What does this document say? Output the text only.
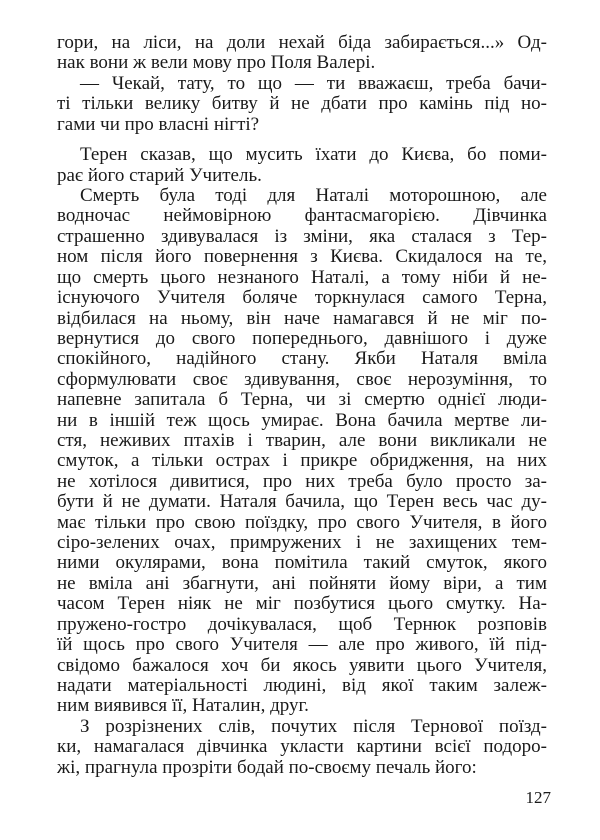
гори, на ліси, на доли нехай біда забирається...» Од-
нак вони ж вели мову про Поля Валері.
— Чекай, тату, то що — ти вважаєш, треба бачи-
ті тільки велику битву й не дбати про камінь під но-
гами чи про власні нігті?
Терен сказав, що мусить їхати до Києва, бо поми-
рає його старий Учитель.
Смерть була тоді для Наталі моторошною, але
водночас неймовірною фантасмагорією. Дівчинка
страшенно здивувалася із зміни, яка сталася з Тер-
ном після його повернення з Києва. Скидалося на те,
що смерть цього незнаного Наталі, а тому ніби й не-
існуючого Учителя боляче торкнулася самого Терна,
відбилася на ньому, він наче намагався й не міг по-
вернутися до свого попереднього, давнішого і дуже
спокійного, надійного стану. Якби Наталя вміла
сформулювати своє здивування, своє нерозуміння, то
напевне запитала б Терна, чи зі смертю однієї люди-
ни в іншій теж щось умирає. Вона бачила мертве ли-
стя, неживих птахів і тварин, але вони викликали не
смуток, а тільки острах і прикре обридження, на них
не хотілося дивитися, про них треба було просто за-
бути й не думати. Наталя бачила, що Терен весь час ду-
має тільки про свою поїздку, про свого Учителя, в його
сіро-зелених очах, примружених і не захищених тем-
ними окулярами, вона помітила такий смуток, якого
не вміла ані збагнути, ані пойняти йому віри, а тим
часом Терен ніяк не міг позбутися цього смутку. На-
пружено-гостро дочікувалася, щоб Тернюк розповів
їй щось про свого Учителя — але про живого, їй під-
свідомо бажалося хоч би якось уявити цього Учителя,
надати матеріальності людині, від якої таким залеж-
ним виявився її, Наталин, друг.
З розрізнених слів, почутих після Тернової поїзд-
ки, намагалася дівчинка укласти картини всієї подоро-
жі, прагнула прозріти бодай по-своєму печаль його:
127
